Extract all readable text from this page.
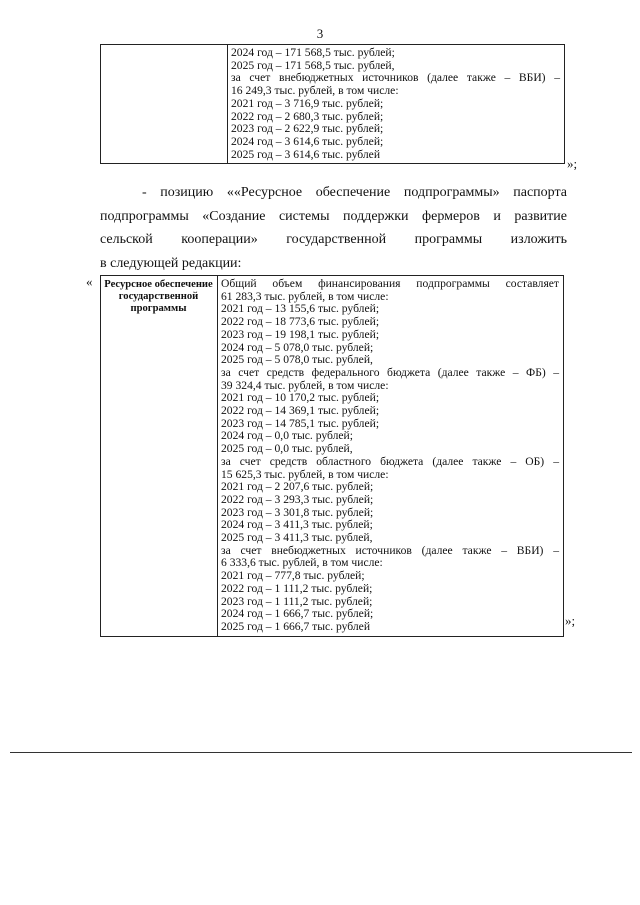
3

2024 год – 171 568,5 тыс. рублей;
2025 год – 171 568,5 тыс. рублей,
за счет внебюджетных источников (далее также – ВБИ) –
16 249,3 тыс. рублей, в том числе:
2021 год – 3 716,9 тыс. рублей;
2022 год – 2 680,3 тыс. рублей;
2023 год – 2 622,9 тыс. рублей;
2024 год – 3 614,6 тыс. рублей;
2025 год – 3 614,6 тыс. рублей
»;
- позицию ««Ресурсное обеспечение подпрограммы» паспорта
подпрограммы «Создание системы поддержки фермеров и развитие
сельской кооперации» государственной программы изложить
в следующей редакции:
« Ресурсное обеспечение государственной программы	
Общий объем финансирования подпрограммы составляет
61 283,3 тыс. рублей, в том числе:
2021 год – 13 155,6 тыс. рублей;
2022 год – 18 773,6 тыс. рублей;
2023 год – 19 198,1 тыс. рублей;
2024 год – 5 078,0 тыс. рублей;
2025 год – 5 078,0 тыс. рублей,
за счет средств федерального бюджета (далее также – ФБ) –
39 324,4 тыс. рублей, в том числе:
2021 год – 10 170,2 тыс. рублей;
2022 год – 14 369,1 тыс. рублей;
2023 год – 14 785,1 тыс. рублей;
2024 год – 0,0 тыс. рублей;
2025 год – 0,0 тыс. рублей,
за счет средств областного бюджета (далее также – ОБ) –
15 625,3 тыс. рублей, в том числе:
2021 год – 2 207,6 тыс. рублей;
2022 год – 3 293,3 тыс. рублей;
2023 год – 3 301,8 тыс. рублей;
2024 год – 3 411,3 тыс. рублей;
2025 год – 3 411,3 тыс. рублей,
за счет внебюджетных источников (далее также – ВБИ) –
6 333,6 тыс. рублей, в том числе:
2021 год – 777,8 тыс. рублей;
2022 год – 1 111,2 тыс. рублей;
2023 год – 1 111,2 тыс. рублей;
2024 год – 1 666,7 тыс. рублей;
2025 год – 1 666,7 тыс. рублей	»;
